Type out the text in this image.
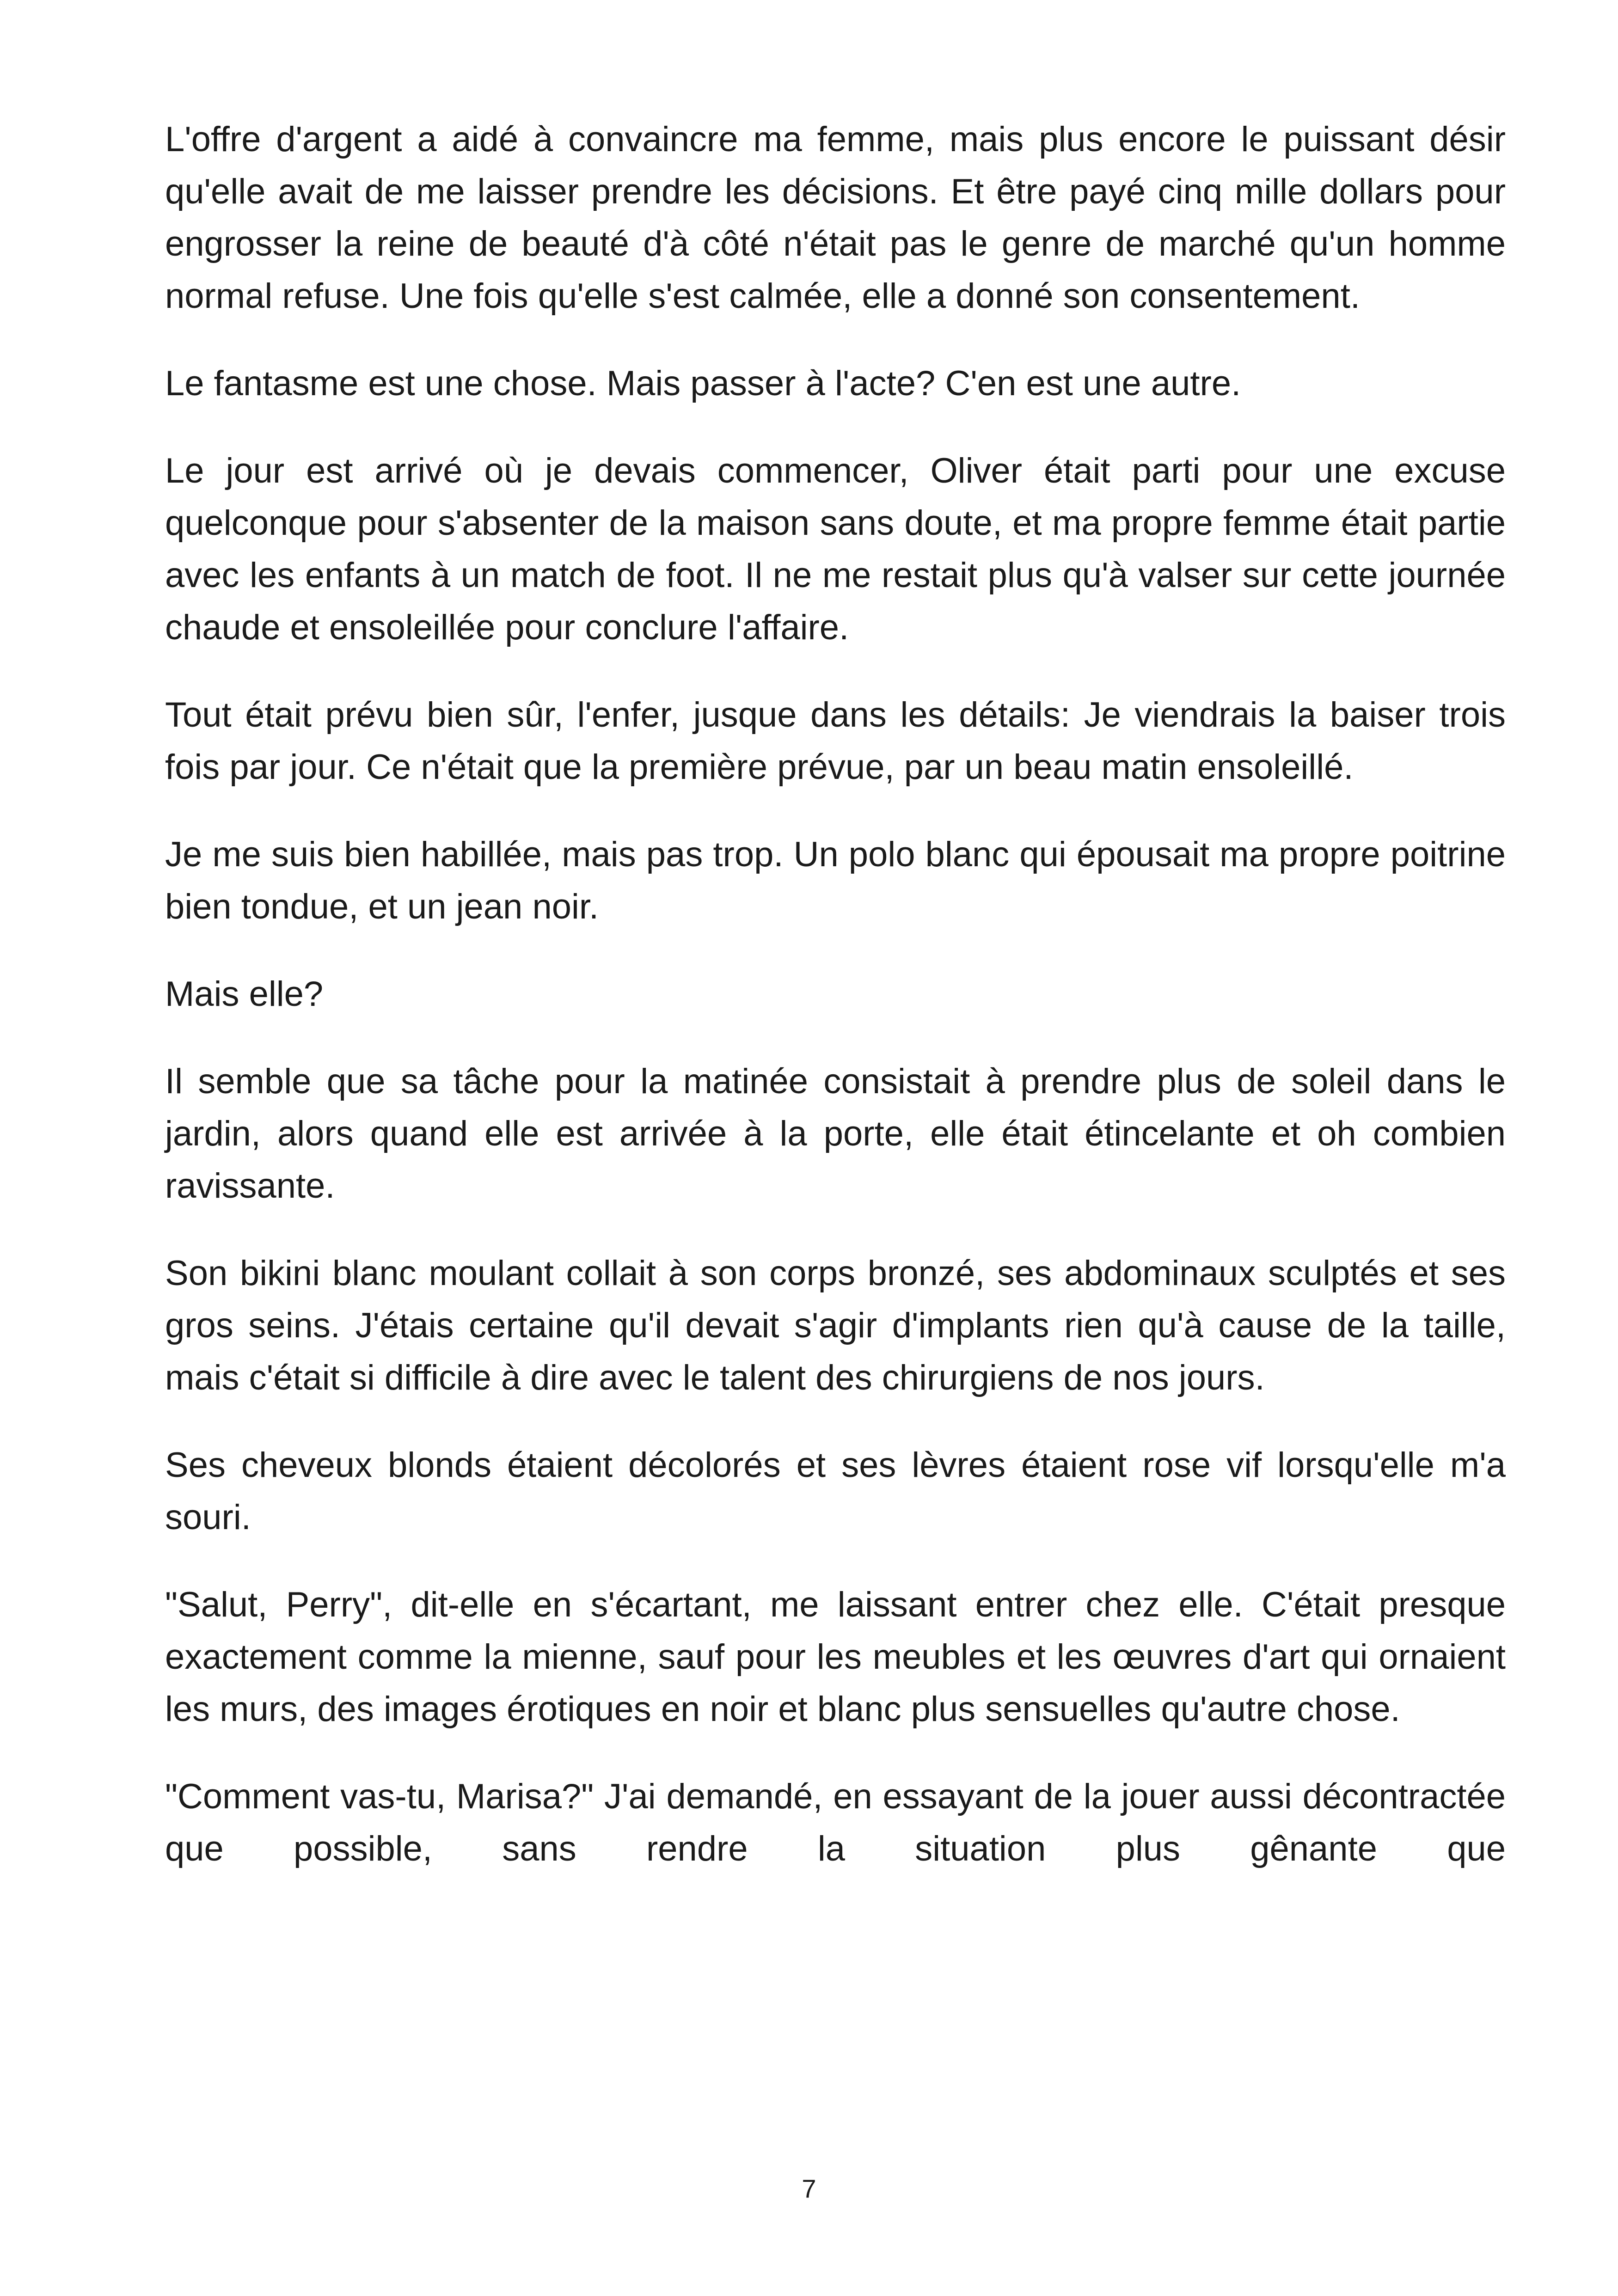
L'offre d'argent a aidé à convaincre ma femme, mais plus encore le puissant désir qu'elle avait de me laisser prendre les décisions. Et être payé cinq mille dollars pour engrosser la reine de beauté d'à côté n'était pas le genre de marché qu'un homme normal refuse. Une fois qu'elle s'est calmée, elle a donné son consentement.

Le fantasme est une chose. Mais passer à l'acte? C'en est une autre.

Le jour est arrivé où je devais commencer, Oliver était parti pour une excuse quelconque pour s'absenter de la maison sans doute, et ma propre femme était partie avec les enfants à un match de foot. Il ne me restait plus qu'à valser sur cette journée chaude et ensoleillée pour conclure l'affaire.

Tout était prévu bien sûr, l'enfer, jusque dans les détails: Je viendrais la baiser trois fois par jour. Ce n'était que la première prévue, par un beau matin ensoleillé.

Je me suis bien habillée, mais pas trop. Un polo blanc qui épousait ma propre poitrine bien tondue, et un jean noir.

Mais elle?

Il semble que sa tâche pour la matinée consistait à prendre plus de soleil dans le jardin, alors quand elle est arrivée à la porte, elle était étincelante et oh combien ravissante.

Son bikini blanc moulant collait à son corps bronzé, ses abdominaux sculptés et ses gros seins. J'étais certaine qu'il devait s'agir d'implants rien qu'à cause de la taille, mais c'était si difficile à dire avec le talent des chirurgiens de nos jours.

Ses cheveux blonds étaient décolorés et ses lèvres étaient rose vif lorsqu'elle m'a souri.

"Salut, Perry", dit-elle en s'écartant, me laissant entrer chez elle. C'était presque exactement comme la mienne, sauf pour les meubles et les œuvres d'art qui ornaient les murs, des images érotiques en noir et blanc plus sensuelles qu'autre chose.

"Comment vas-tu, Marisa?" J'ai demandé, en essayant de la jouer aussi décontractée que possible, sans rendre la situation plus gênante que

7
